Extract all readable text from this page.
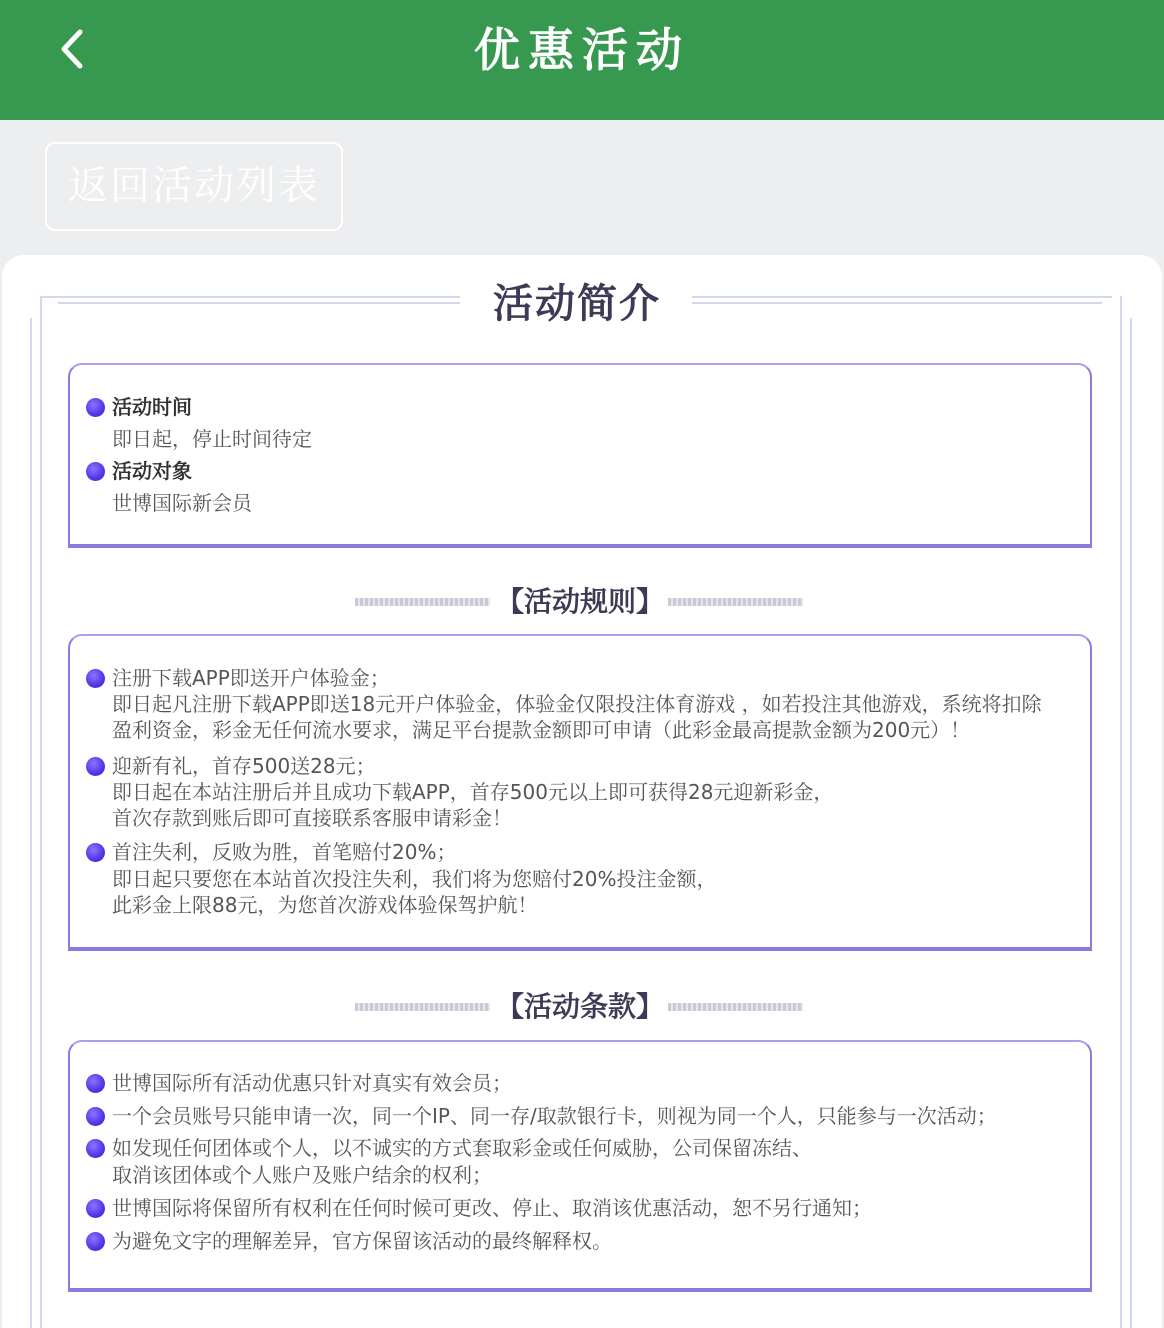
优惠活动
返回活动列表
活动简介
活动时间
即日起，停止时间待定
活动对象
世博国际新会员
【活动规则】
注册下载APP即送开户体验金；
即日起凡注册下载APP即送18元开户体验金，体验金仅限投注体育游戏 ，如若投注其他游戏，系统将扣除
盈利资金，彩金无任何流水要求，满足平台提款金额即可申请（此彩金最高提款金额为200元）！
迎新有礼，首存500送28元；
即日起在本站注册后并且成功下载APP，首存500元以上即可获得28元迎新彩金，
首次存款到账后即可直接联系客服申请彩金！
首注失利，反败为胜，首笔赔付20%；
即日起只要您在本站首次投注失利，我们将为您赔付20%投注金额，
此彩金上限88元，为您首次游戏体验保驾护航！
【活动条款】
世博国际所有活动优惠只针对真实有效会员；
一个会员账号只能申请一次，同一个IP、同一存/取款银行卡，则视为同一个人，只能参与一次活动；
如发现任何团体或个人，以不诚实的方式套取彩金或任何威胁，公司保留冻结、
取消该团体或个人账户及账户结余的权利；
世博国际将保留所有权利在任何时候可更改、停止、取消该优惠活动，恕不另行通知；
为避免文字的理解差异，官方保留该活动的最终解释权。
